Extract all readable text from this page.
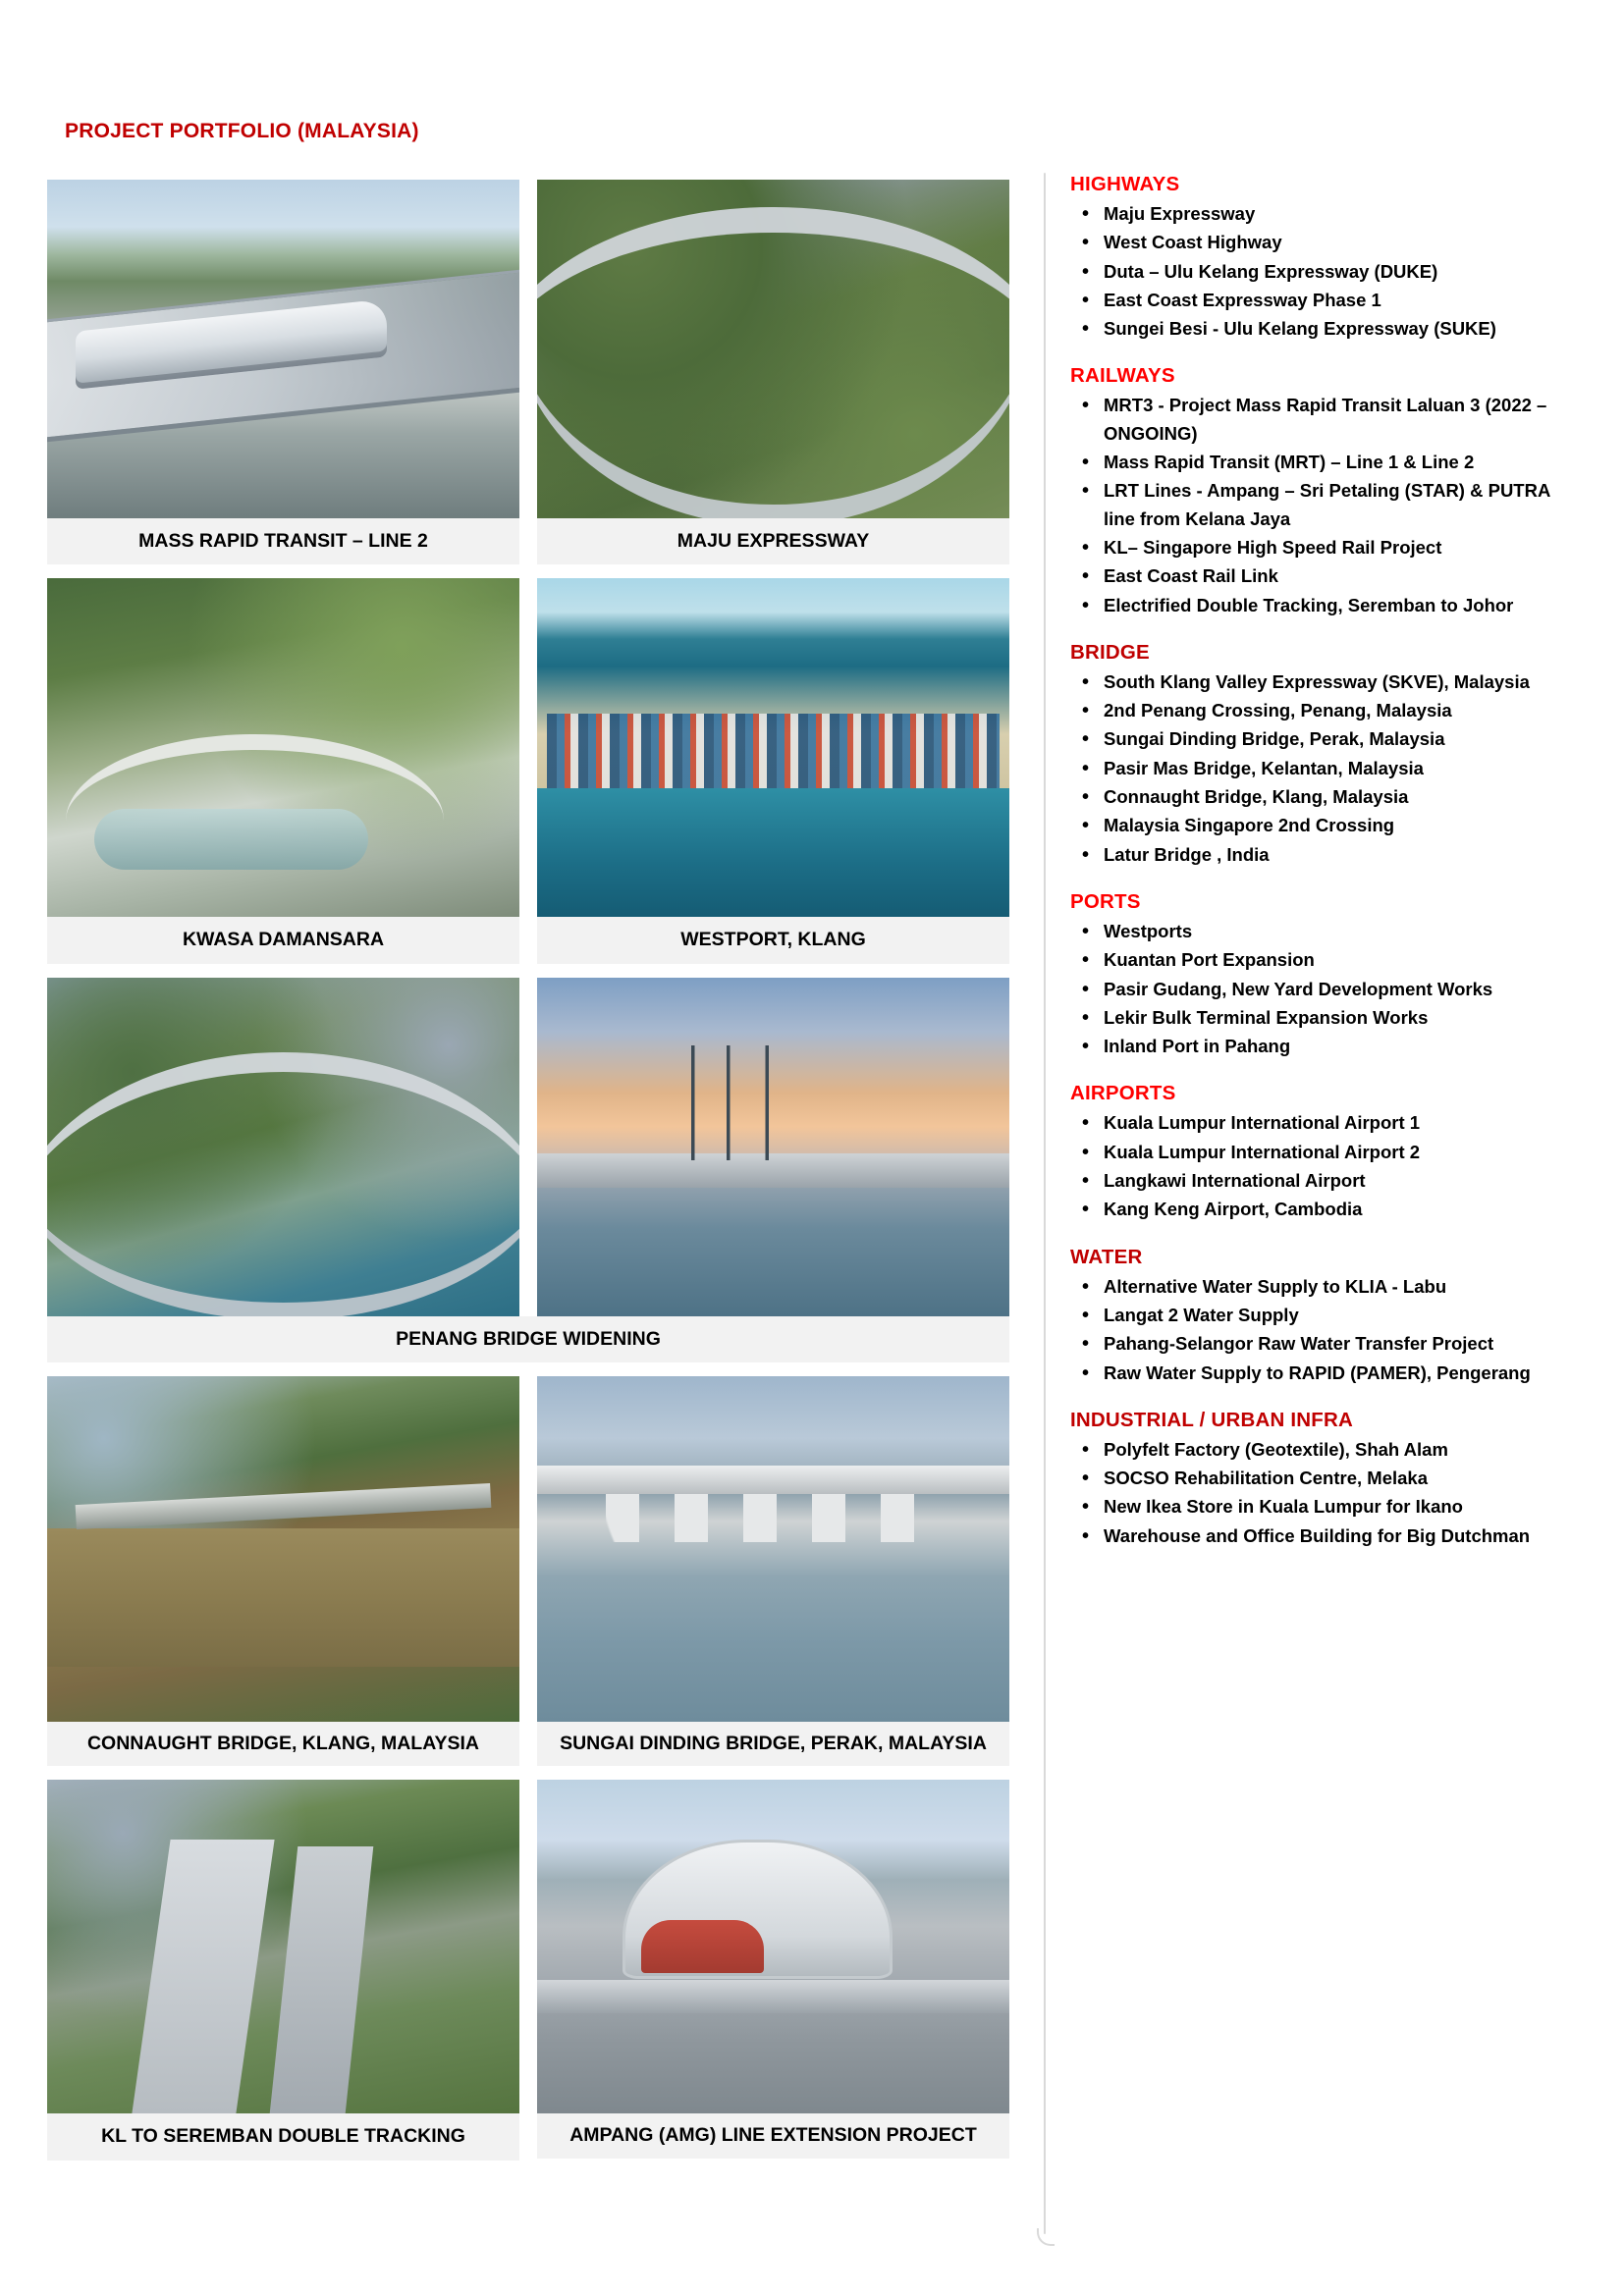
PROJECT PORTFOLIO (MALAYSIA)
MASS RAPID TRANSIT – LINE 2	MAJU EXPRESSWAY
KWASA DAMANSARA	WESTPORT, KLANG
PENANG BRIDGE WIDENING
CONNAUGHT BRIDGE, KLANG, MALAYSIA	SUNGAI DINDING BRIDGE, PERAK, MALAYSIA
KL TO SEREMBAN DOUBLE TRACKING	AMPANG (AMG) LINE EXTENSION PROJECT
HIGHWAYS
• Maju Expressway
• West Coast Highway
• Duta – Ulu Kelang Expressway (DUKE)
• East Coast Expressway Phase 1
• Sungei Besi - Ulu Kelang Expressway (SUKE)
RAILWAYS
• MRT3 - Project Mass Rapid Transit Laluan 3 (2022 – ONGOING)
• Mass Rapid Transit (MRT) – Line 1 & Line 2
• LRT Lines - Ampang – Sri Petaling (STAR) & PUTRA line from Kelana Jaya
• KL– Singapore High Speed Rail Project
• East Coast Rail Link
• Electrified Double Tracking, Seremban to Johor
BRIDGE
• South Klang Valley Expressway (SKVE), Malaysia
• 2nd Penang Crossing, Penang, Malaysia
• Sungai Dinding Bridge, Perak, Malaysia
• Pasir Mas Bridge, Kelantan, Malaysia
• Connaught Bridge, Klang, Malaysia
• Malaysia Singapore 2nd Crossing
• Latur Bridge , India
PORTS
• Westports
• Kuantan Port Expansion
• Pasir Gudang, New Yard Development Works
• Lekir Bulk Terminal Expansion Works
• Inland Port in Pahang
AIRPORTS
• Kuala Lumpur International Airport 1
• Kuala Lumpur International Airport 2
• Langkawi International Airport
• Kang Keng Airport, Cambodia
WATER
• Alternative Water Supply to KLIA - Labu
• Langat 2 Water Supply
• Pahang-Selangor Raw Water Transfer Project
• Raw Water Supply to RAPID (PAMER), Pengerang
INDUSTRIAL / URBAN INFRA
• Polyfelt Factory (Geotextile), Shah Alam
• SOCSO Rehabilitation Centre, Melaka
• New Ikea Store in Kuala Lumpur for Ikano
• Warehouse and Office Building for Big Dutchman
